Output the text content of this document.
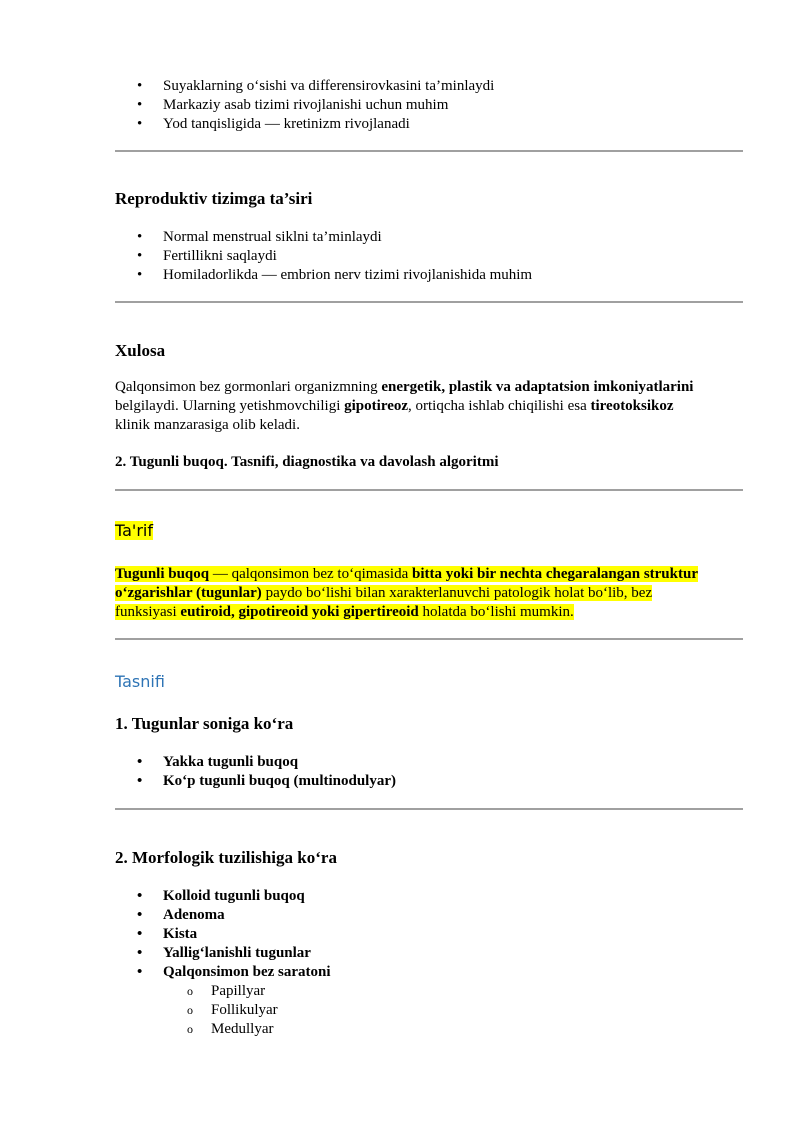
• Suyaklarning o‘sishi va differensirovkasini ta’minlaydi
• Markaziy asab tizimi rivojlanishi uchun muhim
• Yod tanqisligida — kretinizm rivojlanadi
Reproduktiv tizimga ta’siri
• Normal menstrual siklni ta’minlaydi
• Fertillikni saqlaydi
• Homiladorlikda — embrion nerv tizimi rivojlanishida muhim
Xulosa

Qalqonsimon bez gormonlari organizmning energetik, plastik va adaptatsion imkoniyatlarini

belgilaydi. Ularning yetishmovchiligi gipotireoz, ortiqcha ishlab chiqilishi esa tireotoksikoz

klinik manzarasiga olib keladi.

2. Tugunli buqoq. Tasnifi, diagnostika va davolash algoritmi

Ta'rif

Tugunli buqoq — qalqonsimon bez to‘qimasida bitta yoki bir nechta chegaralangan struktur

o‘zgarishlar (tugunlar) paydo bo‘lishi bilan xarakterlanuvchi patologik holat bo‘lib, bez

funksiyasi eutiroid, gipotireoid yoki gipertireoid holatda bo‘lishi mumkin.

Tasnifi
1. Tugunlar soniga ko‘ra
• Yakka tugunli buqoq
• Ko‘p tugunli buqoq (multinodulyar)
2. Morfologik tuzilishiga ko‘ra
• Kolloid tugunli buqoq
• Adenoma
• Kista
• Yallig‘lanishli tugunlar
• Qalqonsimon bez saratoni
o Papillyar
o Follikulyar
o Medullyar
